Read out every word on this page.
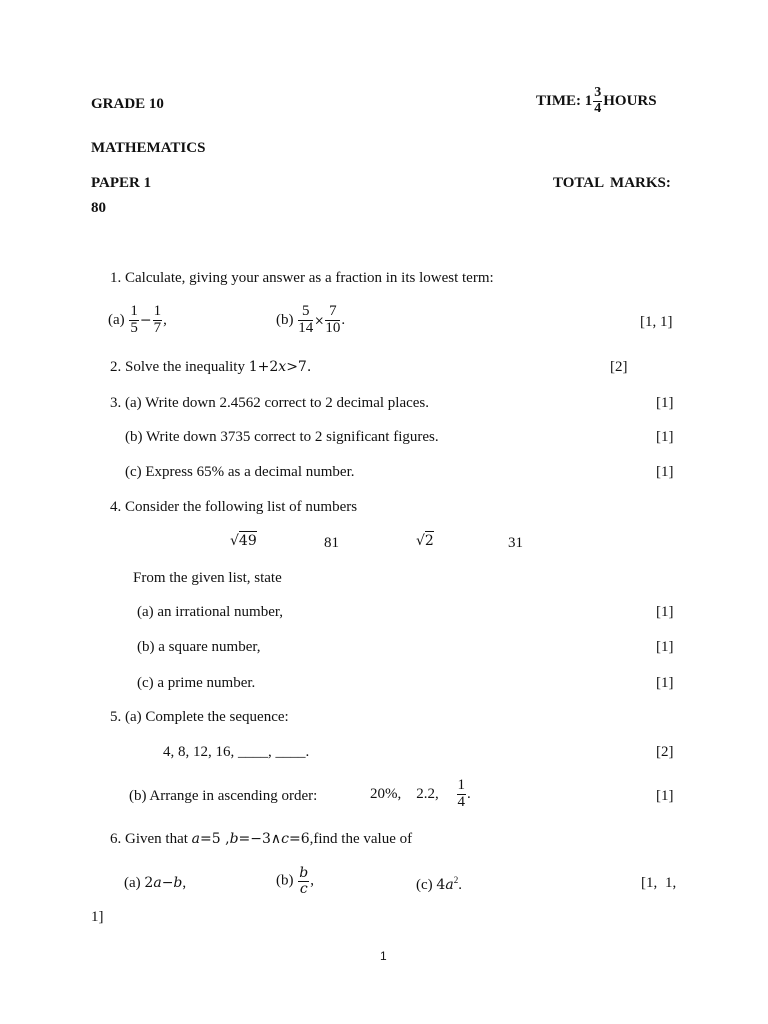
GRADE 10	TIME: $1 \frac{3}{4}$ HOURS
MATHEMATICS
PAPER 1	TOTAL MARKS:
80
1. Calculate, giving your answer as a fraction in its lowest term:
$(a) \frac{1}{5} - \frac{1}{7}$ ,	$(b) \frac{5}{14} \times \frac{7}{10}$ .	[1, 1]
2. Solve the inequality 1+2x>7.	[2]
3. (a) Write down 2.4562 correct to 2 decimal places.	[1]
(b) Write down 3735 correct to 2 significant figures.	[1]
(c) Express 65% as a decimal number.	[1]
4. Consider the following list of numbers
√49	81	√2	31
From the given list, state
(a) an irrational number,	[1]
(b) a square number,	[1]
(c) a prime number.	[1]
5. (a) Complete the sequence:
4, 8, 12, 16, ____, ____.	[2]
(b) Arrange in ascending order:	20%,    2.2, $\frac{1}{4}$ .	[1]
6. Given that a=5 ,b=−3∧c=6,find the value of
(a) 2a−b,	$(b) \frac{b}{c}$ ,	(c) $4a^2$.	[1, 1,
1]
1
